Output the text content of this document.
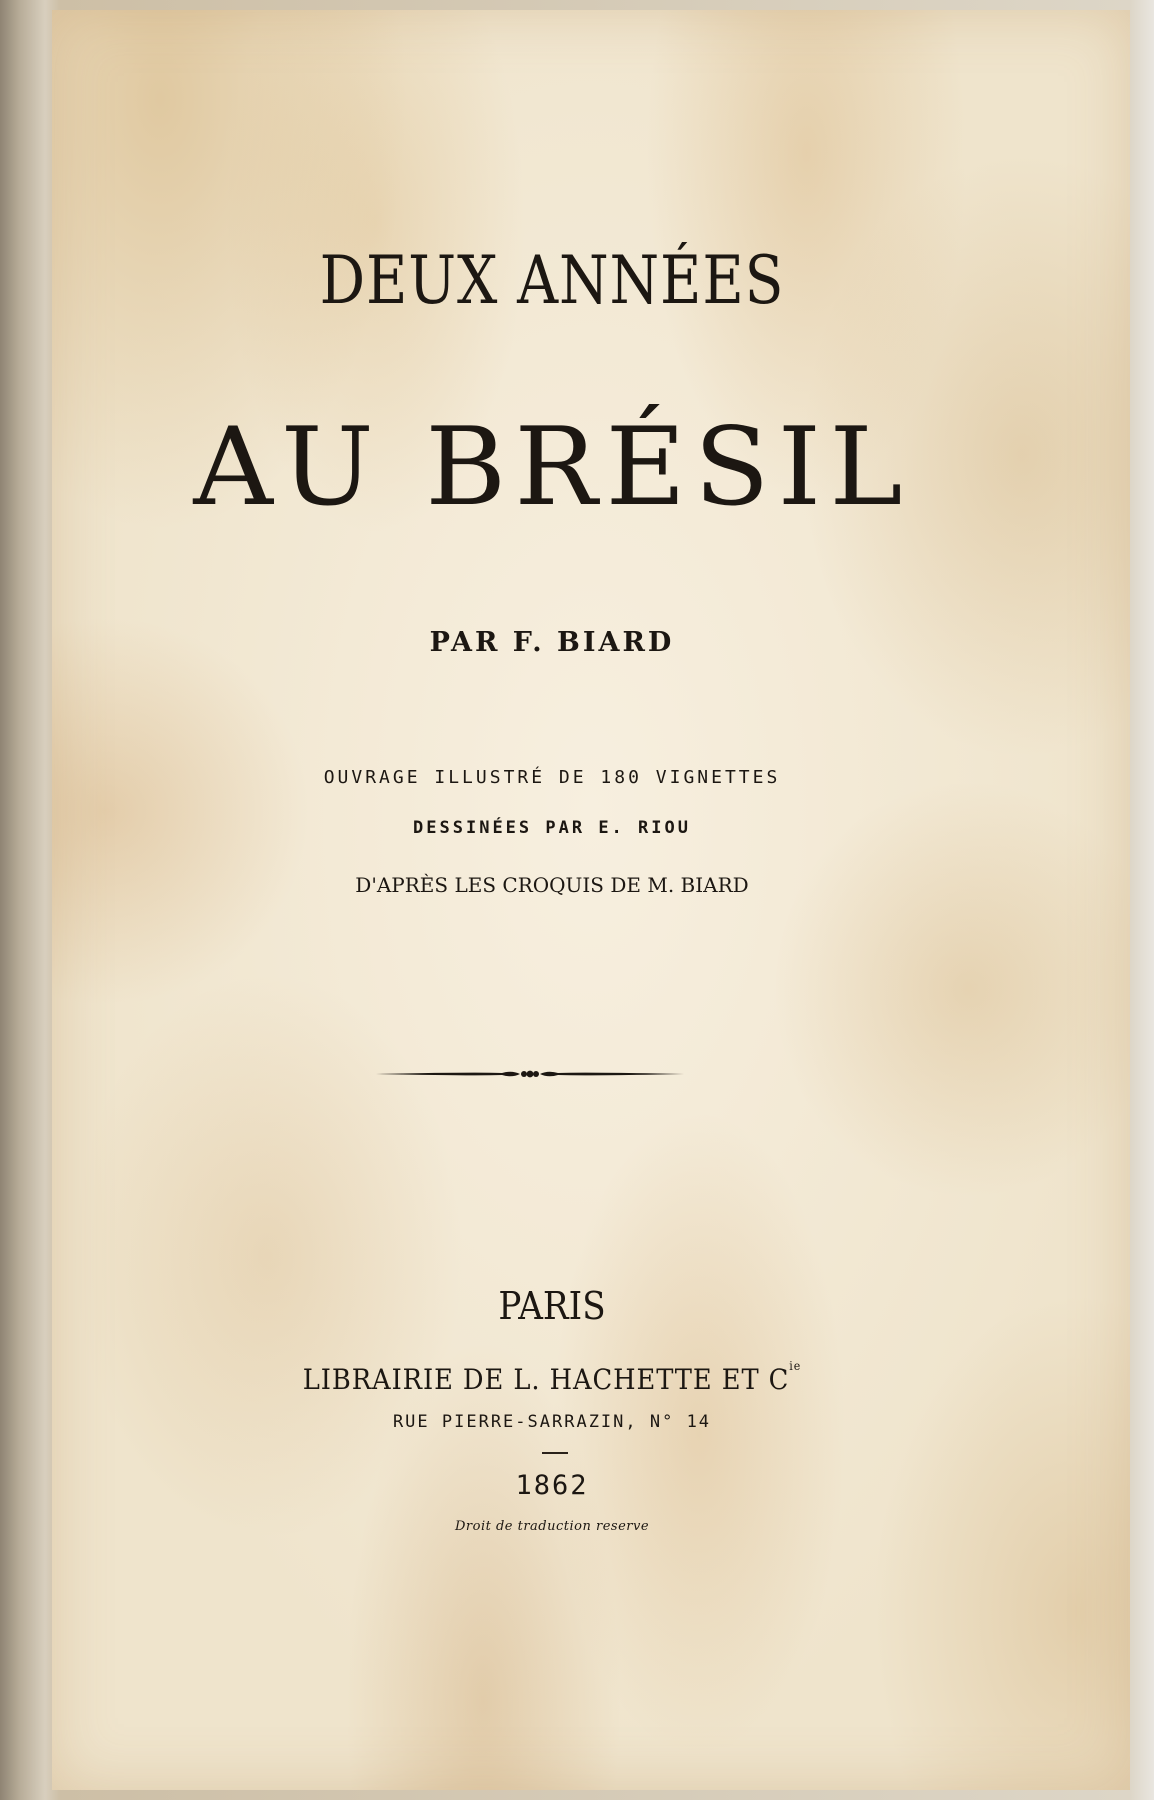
DEUX ANNÉES

AU BRÉSIL

PAR F. BIARD

OUVRAGE ILLUSTRÉ DE 180 VIGNETTES

DESSINÉES PAR E. RIOU

D'APRÈS LES CROQUIS DE M. BIARD

PARIS

LIBRAIRIE DE L. HACHETTE ET $C^{ie}$

RUE PIERRE-SARRAZIN, N° 14

1862

Droit de traduction reserve
